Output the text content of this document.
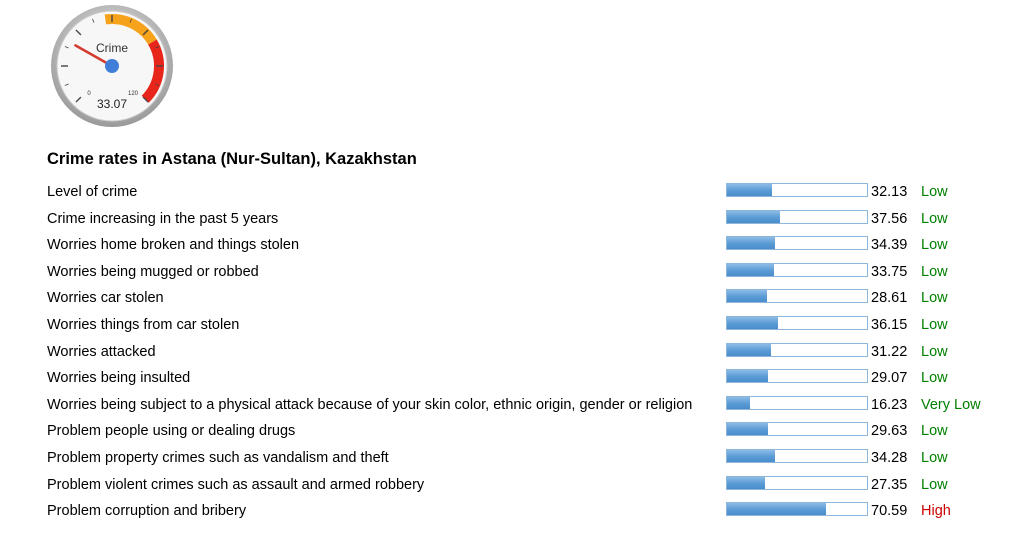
Crime
0	120
33.07
Crime rates in Astana (Nur-Sultan), Kazakhstan
Level of crime	32.13 Low
Crime increasing in the past 5 years	37.56 Low
Worries home broken and things stolen	34.39 Low
Worries being mugged or robbed	33.75 Low
Worries car stolen	28.61 Low
Worries things from car stolen	36.15 Low
Worries attacked	31.22 Low
Worries being insulted	29.07 Low
Worries being subject to a physical attack because of your skin color, ethnic origin, gender or religion	16.23 Very Low
Problem people using or dealing drugs	29.63 Low
Problem property crimes such as vandalism and theft	34.28 Low
Problem violent crimes such as assault and armed robbery	27.35 Low
Problem corruption and bribery	70.59 High
